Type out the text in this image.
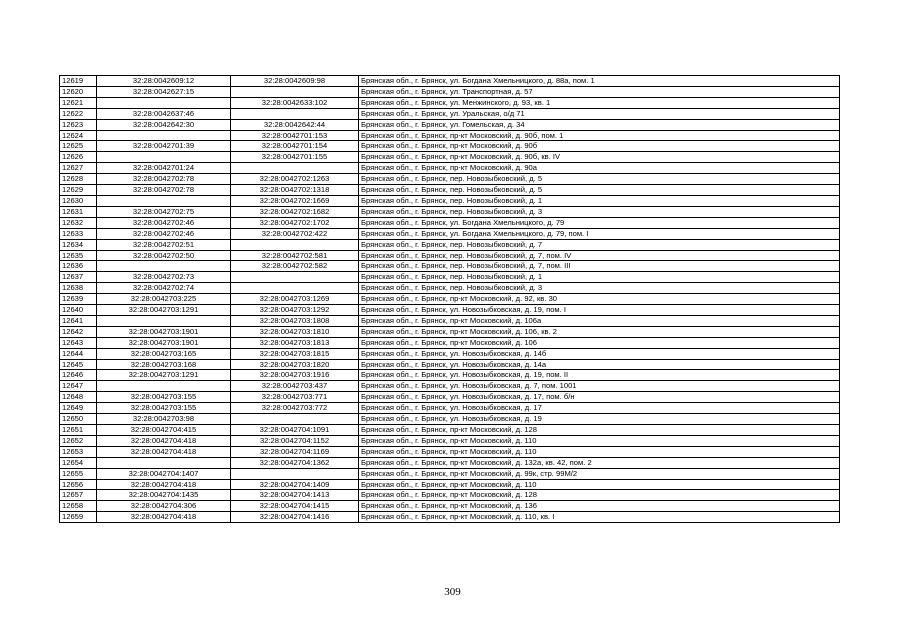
12619	32:28:0042609:12	32:28:0042609:98	Брянская обл., г. Брянск, ул. Богдана Хмельницкого, д. 88а, пом. 1
12620	32:28:0042627:15		Брянская обл., г. Брянск, ул. Транспортная, д. 57
12621		32:28:0042633:102	Брянская обл., г. Брянск, ул. Менжинского, д. 93, кв. 1
12622	32:28:0042637:46		Брянская обл., г. Брянск, ул. Уральская, о/д 71
12623	32:28:0042642:30	32:28:0042642:44	Брянская обл., г. Брянск, ул. Гомельская, д. 34
12624		32:28:0042701:153	Брянская обл., г. Брянск, пр-кт Московский, д. 90б, пом. 1
12625	32:28:0042701:39	32:28:0042701:154	Брянская обл., г. Брянск, пр-кт Московский, д. 90б
12626		32:28:0042701:155	Брянская обл., г. Брянск, пр-кт Московский, д. 90б, кв. IV
12627	32:28:0042701:24		Брянская обл., г. Брянск, пр-кт Московский, д. 90а
12628	32:28:0042702:78	32:28:0042702:1263	Брянская обл., г. Брянск, пер. Новозыбковский, д. 5
12629	32:28:0042702:78	32:28:0042702:1318	Брянская обл., г. Брянск, пер. Новозыбковский, д. 5
12630		32:28:0042702:1669	Брянская обл., г. Брянск, пер. Новозыбковский, д. 1
12631	32:28:0042702:75	32:28:0042702:1682	Брянская обл., г. Брянск, пер. Новозыбковский, д. 3
12632	32:28:0042702:46	32:28:0042702:1702	Брянская обл., г. Брянск, ул. Богдана Хмельницкого, д. 79
12633	32:28:0042702:46	32:28:0042702:422	Брянская обл., г. Брянск, ул. Богдана Хмельницкого, д. 79, пом. I
12634	32:28:0042702:51		Брянская обл., г. Брянск, пер. Новозыбковский, д. 7
12635	32:28:0042702:50	32:28:0042702:581	Брянская обл., г. Брянск, пер. Новозыбковский, д. 7, пом. IV
12636		32:28:0042702:582	Брянская обл., г. Брянск, пер. Новозыбковский, д. 7, пом. III
12637	32:28:0042702:73		Брянская обл., г. Брянск, пер. Новозыбковский, д. 1
12638	32:28:0042702:74		Брянская обл., г. Брянск, пер. Новозыбковский, д. 3
12639	32:28:0042703:225	32:28:0042703:1269	Брянская обл., г. Брянск, пр-кт Московский, д. 92, кв. 30
12640	32:28:0042703:1291	32:28:0042703:1292	Брянская обл., г. Брянск, ул. Новозыбковская, д. 19, пом. I
12641		32:28:0042703:1808	Брянская обл., г. Брянск, пр-кт Московский, д. 106а
12642	32:28:0042703:1901	32:28:0042703:1810	Брянская обл., г. Брянск, пр-кт Московский, д. 106, кв. 2
12643	32:28:0042703:1901	32:28:0042703:1813	Брянская обл., г. Брянск, пр-кт Московский, д. 106
12644	32:28:0042703:165	32:28:0042703:1815	Брянская обл., г. Брянск, ул. Новозыбковская, д. 14б
12645	32:28:0042703:168	32:28:0042703:1820	Брянская обл., г. Брянск, ул. Новозыбковская, д. 14а
12646	32:28:0042703:1291	32:28:0042703:1916	Брянская обл., г. Брянск, ул. Новозыбковская, д. 19, пом. II
12647		32:28:0042703:437	Брянская обл., г. Брянск, ул. Новозыбковская, д. 7, пом. 1001
12648	32:28:0042703:155	32:28:0042703:771	Брянская обл., г. Брянск, ул. Новозыбковская, д. 17, пом. б/н
12649	32:28:0042703:155	32:28:0042703:772	Брянская обл., г. Брянск, ул. Новозыбковская, д. 17
12650	32:28:0042703:98		Брянская обл., г. Брянск, ул. Новозыбковская, д. 19
12651	32:28:0042704:415	32:28:0042704:1091	Брянская обл., г. Брянск, пр-кт Московский, д. 128
12652	32:28:0042704:418	32:28:0042704:1152	Брянская обл., г. Брянск, пр-кт Московский, д. 110
12653	32:28:0042704:418	32:28:0042704:1169	Брянская обл., г. Брянск, пр-кт Московский, д. 110
12654		32:28:0042704:1362	Брянская обл., г. Брянск, пр-кт Московский, д. 132а, кв. 42, пом. 2
12655	32:28:0042704:1407		Брянская обл., г. Брянск, пр-кт Московский, д. 99к, стр. 99М/2
12656	32:28:0042704:418	32:28:0042704:1409	Брянская обл., г. Брянск, пр-кт Московский, д. 110
12657	32:28:0042704:1435	32:28:0042704:1413	Брянская обл., г. Брянск, пр-кт Московский, д. 128
12658	32:28:0042704:306	32:28:0042704:1415	Брянская обл., г. Брянск, пр-кт Московский, д. 136
12659	32:28:0042704:418	32:28:0042704:1416	Брянская обл., г. Брянск, пр-кт Московский, д. 110, кв. I
309
